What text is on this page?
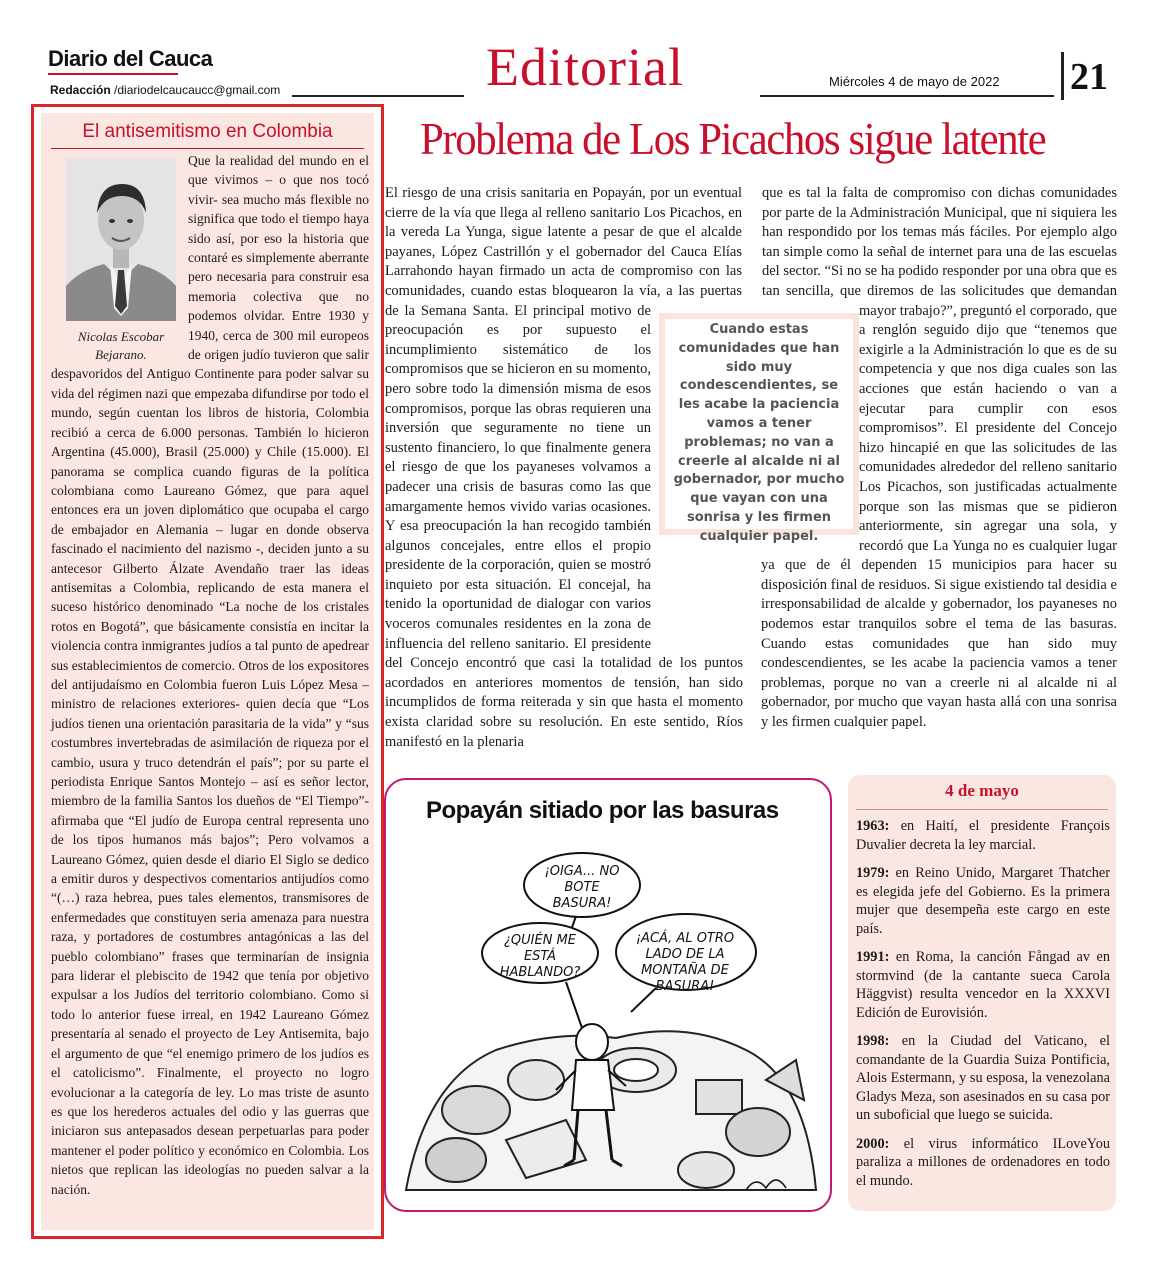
Diario del Cauca
Redacción /diariodelcaucaucc@gmail.com	Editorial	Miércoles 4 de mayo de 2022 21
El antisemitismo en Colombia
Nicolas Escobar Bejarano.
Que la realidad del mundo en el que vivimos – o que nos tocó vivir- sea mucho más flexible no significa que todo el tiempo haya sido así, por eso la historia que contaré es simplemente aberrante pero necesaria para construir esa memoria colectiva que no podemos olvidar. Entre 1930 y 1940, cerca de 300 mil europeos de origen judío tuvieron que salir despavoridos del Antiguo Continente para poder salvar su vida del régimen nazi que empezaba difundirse por todo el mundo, según cuentan los libros de historia, Colombia recibió a cerca de 6.000 personas. También lo hicieron Argentina (45.000), Brasil (25.000) y Chile (15.000). El panorama se complica cuando figuras de la política colombiana como Laureano Gómez, que para aquel entonces era un joven diplomático que ocupaba el cargo de embajador en Alemania – lugar en donde observa fascinado el nacimiento del nazismo -, deciden junto a su antecesor Gilberto Álzate Avendaño traer las ideas antisemitas a Colombia, replicando de esta manera el suceso histórico denominado “La noche de los cristales rotos en Bogotá”, que básicamente consistía en incitar la violencia contra inmigrantes judíos a tal punto de apedrear sus establecimientos de comercio. Otros de los expositores del antijudaísmo en Colombia fueron Luis López Mesa – ministro de relaciones exteriores- quien decía que “Los judíos tienen una orientación parasitaria de la vida” y “sus costumbres invertebradas de asimilación de riqueza por el cambio, usura y truco detendrán el país”; por su parte el periodista Enrique Santos Montejo – así es señor lector, miembro de la familia Santos los dueños de “El Tiempo”- afirmaba que “El judío de Europa central representa uno de los tipos humanos más bajos”; Pero volvamos a Laureano Gómez, quien desde el diario El Siglo se dedico a emitir duros y despectivos comentarios antijudíos como “(…) raza hebrea, pues tales elementos, transmisores de enfermedades que constituyen seria amenaza para nuestra raza, y portadores de costumbres antagónicas a las del pueblo colombiano” frases que terminarían de insignia para liderar el plebiscito de 1942 que tenía por objetivo expulsar a los Judíos del territorio colombiano. Como si todo lo anterior fuese irreal, en 1942 Laureano Gómez presentaría al senado el proyecto de Ley Antisemita, bajo el argumento de que “el enemigo primero de los judíos es el catolicismo”. Finalmente, el proyecto no logro evolucionar a la categoría de ley. Lo mas triste de asunto es que los herederos actuales del odio y las guerras que iniciaron sus antepasados desean perpetuarlas para poder mantener el poder político y económico en Colombia. Los nietos que replican las ideologías no pueden salvar a la nación.
Problema de Los Picachos sigue latente
El riesgo de una crisis sanitaria en Popayán, por un eventual cierre de la vía que llega al relleno sanitario Los Picachos, en la vereda La Yunga, sigue latente a pesar de que el alcalde payanes, López Castrillón y el gobernador del Cauca Elías Larrahondo hayan firmado un acta de compromiso con las comunidades, cuando estas bloquearon la vía, a las puertas de la Semana Santa. El principal motivo de preocupación es por supuesto el incumplimiento sistemático de los compromisos que se hicieron en su momento, pero sobre todo la dimensión misma de esos compromisos, porque las obras requieren una inversión que seguramente no tiene un sustento financiero, lo que finalmente genera el riesgo de que los payaneses volvamos a padecer una crisis de basuras como las que amargamente hemos vivido varias ocasiones. Y esa preocupación la han recogido también algunos concejales, entre ellos el propio presidente de la corporación, quien se mostró inquieto por esta situación. El concejal, ha tenido la oportunidad de dialogar con varios voceros comunales residentes en la zona de influencia del relleno sanitario. El presidente del Concejo encontró que casi la totalidad de los puntos acordados en anteriores momentos de tensión, han sido incumplidos de forma reiterada y sin que hasta el momento exista claridad sobre su resolución. En este sentido, Ríos manifestó en la plenaria
que es tal la falta de compromiso con dichas comunidades por parte de la Administración Municipal, que ni siquiera les han respondido por los temas más fáciles. Por ejemplo algo tan simple como la señal de internet para una de las escuelas del sector. “Si no se ha podido responder por una obra que es tan sencilla, que diremos de las solicitudes que demandan mayor trabajo?”, preguntó el corporado, que a renglón seguido dijo que “tenemos que exigirle a la Administración lo que es de su competencia y que nos diga cuales son las acciones que están haciendo o van a ejecutar para cumplir con esos compromisos”. El presidente del Concejo hizo hincapié en que las solicitudes de las comunidades alrededor del relleno sanitario Los Picachos, son justificadas actualmente porque son las mismas que se pidieron anteriormente, sin agregar una sola, y recordó que La Yunga no es cualquier lugar ya que de él dependen 15 municipios para hacer su disposición final de residuos. Si sigue existiendo tal desidia e irresponsabilidad de alcalde y gobernador, los payaneses no podemos estar tranquilos sobre el tema de las basuras. Cuando estas comunidades que han sido muy condescendientes, se les acabe la paciencia vamos a tener problemas, porque no van a creerle ni al alcalde ni al gobernador, por mucho que vayan hasta allá con una sonrisa y les firmen cualquier papel.
Cuando estas comunidades que han sido muy condescendientes, se les acabe la paciencia vamos a tener problemas; no van a creerle al alcalde ni al gobernador, por mucho que vayan con una sonrisa y les firmen cualquier papel.
Popayán sitiado por las basuras
¡OIGA... NO BOTE BASURA!
¿QUIÉN ME ESTÁ HABLANDO?
¡ACÁ, AL OTRO LADO DE LA MONTAÑA DE BASURA!
4 de mayo
1963: en Haití, el presidente François Duvalier decreta la ley marcial.
1979: en Reino Unido, Margaret Thatcher es elegida jefe del Gobierno. Es la primera mujer que desempeña este cargo en este país.
1991: en Roma, la canción Fångad av en stormvind (de la cantante sueca Carola Häggvist) resulta vencedor en la XXXVI Edición de Eurovisión.
1998: en la Ciudad del Vaticano, el comandante de la Guardia Suiza Pontificia, Alois Estermann, y su esposa, la venezolana Gladys Meza, son asesinados en su casa por un suboficial que luego se suicida.
2000: el virus informático ILoveYou paraliza a millones de ordenadores en todo el mundo.
